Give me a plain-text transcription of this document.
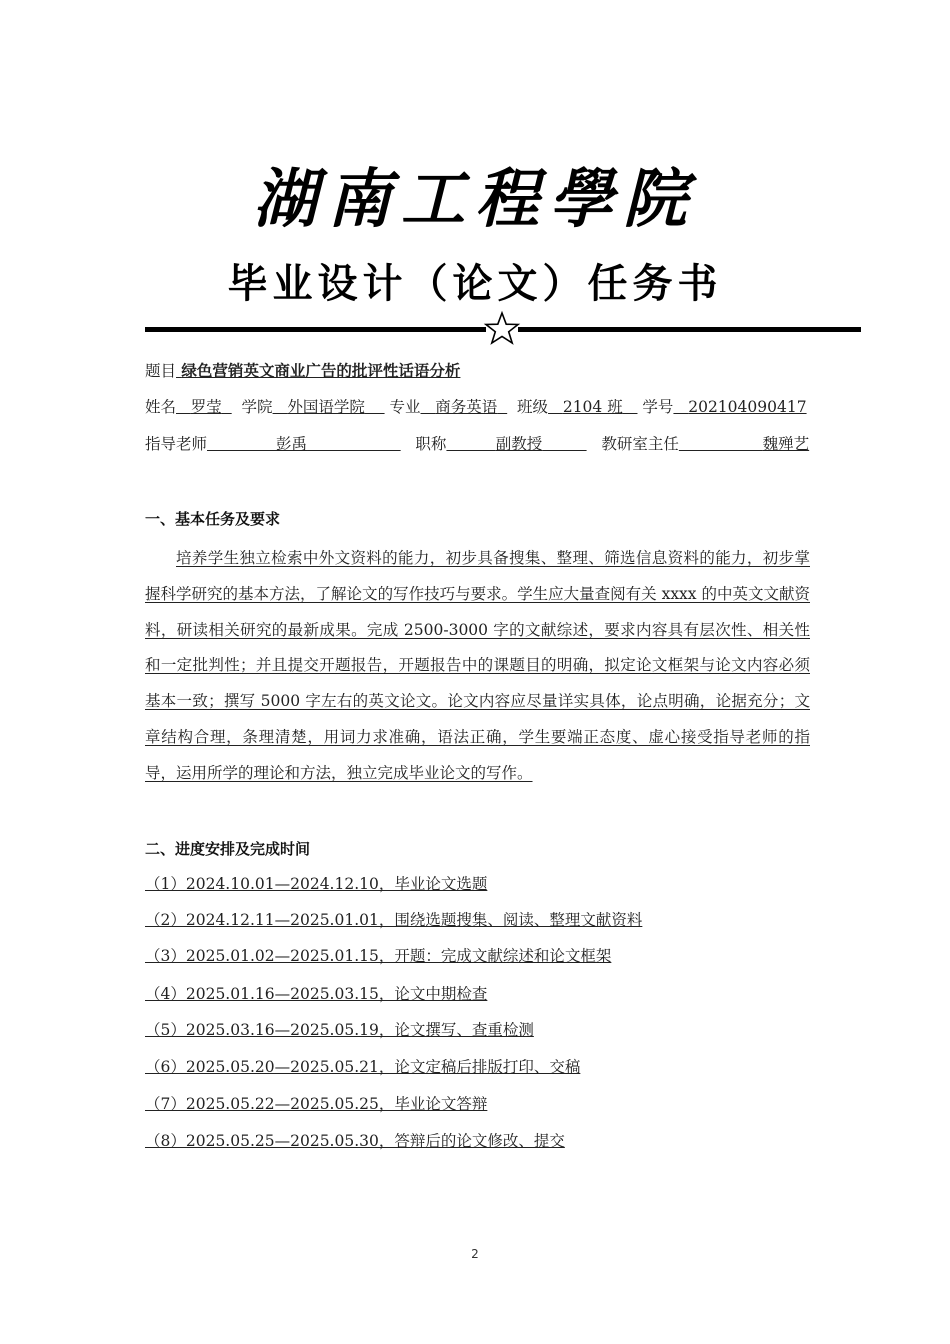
湖南工程學院
毕业设计（论文）任务书
题目 绿色营销英文商业广告的批评性话语分析
姓名 罗莹 学院 外国语学院 专业 商务英语 班级 2104 班 学号 202104090417
指导老师	彭禹	职称	副教授	教研室主任	魏殚艺
一、基本任务及要求
培养学生独立检索中外文资料的能力，初步具备搜集、整理、筛选信息资料的能力，初步掌握科学研究的基本方法，了解论文的写作技巧与要求。学生应大量查阅有关 xxxx 的中英文文献资料，研读相关研究的最新成果。完成 2500-3000 字的文献综述，要求内容具有层次性、相关性和一定批判性；并且提交开题报告，开题报告中的课题目的明确，拟定论文框架与论文内容必须基本一致；撰写 5000 字左右的英文论文。论文内容应尽量详实具体，论点明确，论据充分；文章结构合理，条理清楚，用词力求准确，语法正确，学生要端正态度、虚心接受指导老师的指导，运用所学的理论和方法，独立完成毕业论文的写作。
二、进度安排及完成时间
（1）2024.10.01—2024.12.10，毕业论文选题
（2）2024.12.11—2025.01.01，围绕选题搜集、阅读、整理文献资料
（3）2025.01.02—2025.01.15，开题：完成文献综述和论文框架
（4）2025.01.16—2025.03.15，论文中期检查
（5）2025.03.16—2025.05.19，论文撰写、查重检测
（6）2025.05.20—2025.05.21，论文定稿后排版打印、交稿
（7）2025.05.22—2025.05.25，毕业论文答辩
（8）2025.05.25—2025.05.30，答辩后的论文修改、提交
2
